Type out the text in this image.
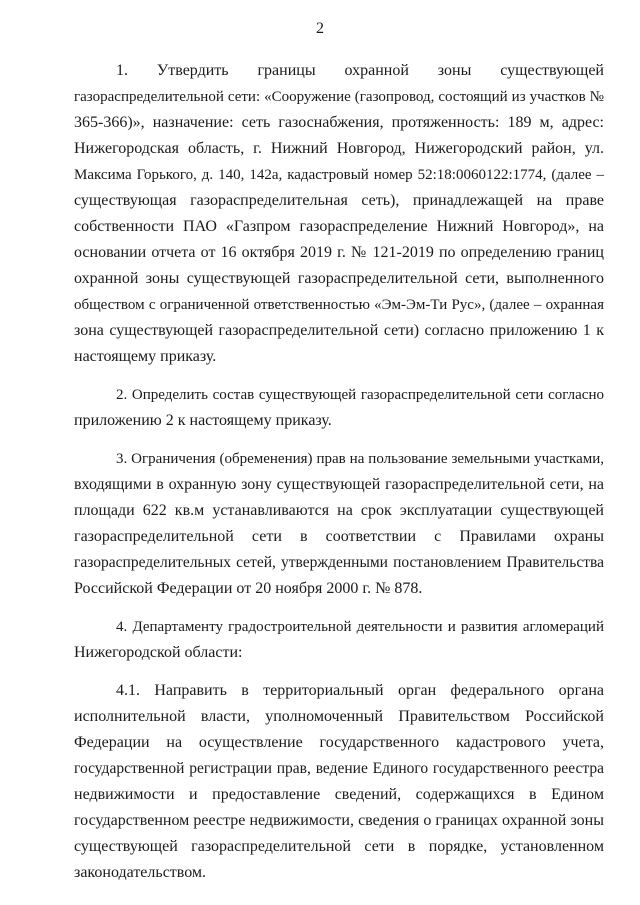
2
1. Утвердить границы охранной зоны существующей
газораспределительной сети: «Сооружение (газопровод, состоящий из участков №
365-366)», назначение: сеть газоснабжения, протяженность: 189 м, адрес:
Нижегородская область, г. Нижний Новгород, Нижегородский район, ул.
Максима Горького, д. 140, 142а, кадастровый номер 52:18:0060122:1774, (далее –
существующая газораспределительная сеть), принадлежащей на праве
собственности ПАО «Газпром газораспределение Нижний Новгород», на
основании отчета от 16 октября 2019 г. № 121-2019 по определению границ
охранной зоны существующей газораспределительной сети, выполненного
обществом с ограниченной ответственностью «Эм-Эм-Ти Рус», (далее – охранная
зона существующей газораспределительной сети) согласно приложению 1 к
настоящему приказу.
2. Определить состав существующей газораспределительной сети согласно
приложению 2 к настоящему приказу.
3. Ограничения (обременения) прав на пользование земельными участками,
входящими в охранную зону существующей газораспределительной сети, на
площади 622 кв.м устанавливаются на срок эксплуатации существующей
газораспределительной сети в соответствии с Правилами охраны
газораспределительных сетей, утвержденными постановлением Правительства
Российской Федерации от 20 ноября 2000 г. № 878.
4. Департаменту градостроительной деятельности и развития агломераций
Нижегородской области:
4.1. Направить в территориальный орган федерального органа
исполнительной власти, уполномоченный Правительством Российской
Федерации на осуществление государственного кадастрового учета,
государственной регистрации прав, ведение Единого государственного реестра
недвижимости и предоставление сведений, содержащихся в Едином
государственном реестре недвижимости, сведения о границах охранной зоны
существующей газораспределительной сети в порядке, установленном
законодательством.
